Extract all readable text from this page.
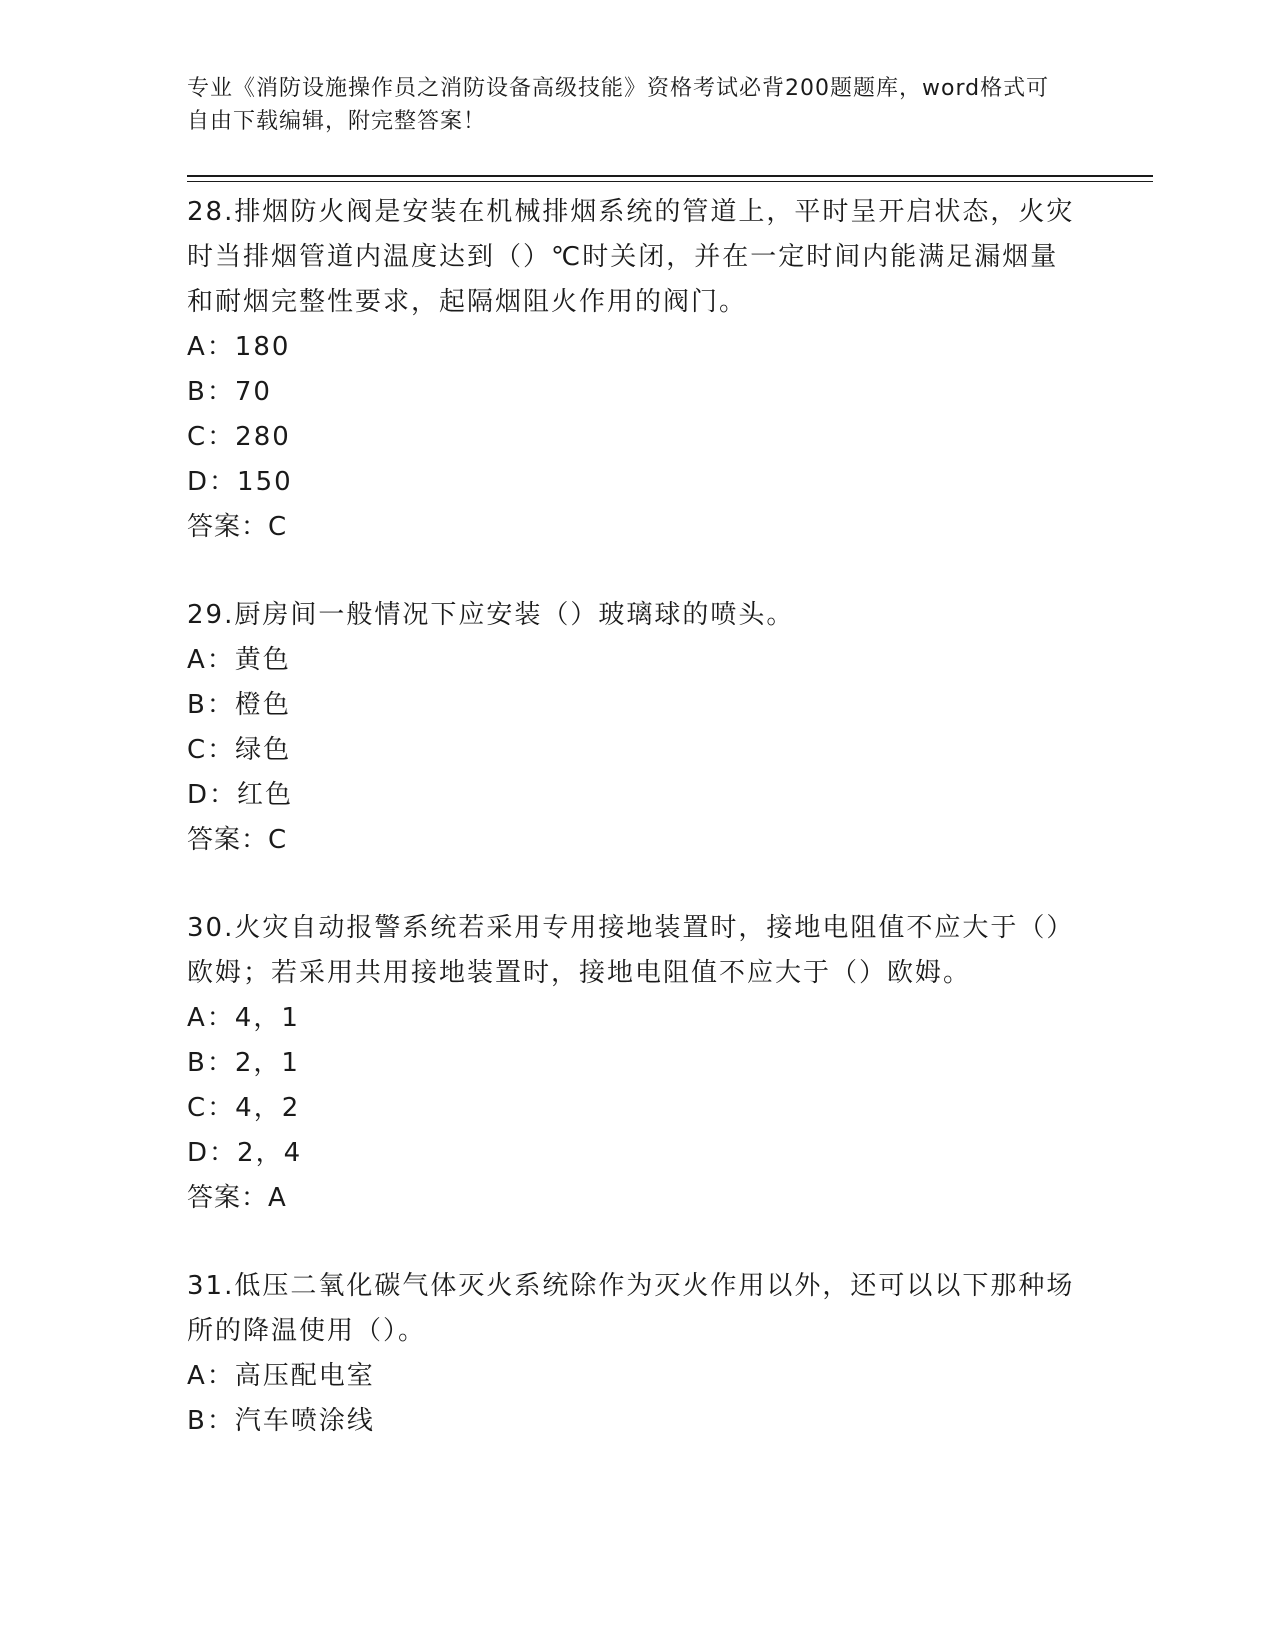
专业《消防设施操作员之消防设备高级技能》资格考试必背200题题库，word格式可自由下载编辑，附完整答案！

28.排烟防火阀是安装在机械排烟系统的管道上，平时呈开启状态，火灾时当排烟管道内温度达到（）℃时关闭，并在一定时间内能满足漏烟量和耐烟完整性要求，起隔烟阻火作用的阀门。

A：180

B：70

C：280

D：150

答案：C

29.厨房间一般情况下应安装（）玻璃球的喷头。

A：黄色

B：橙色

C：绿色

D：红色

答案：C

30.火灾自动报警系统若采用专用接地装置时，接地电阻值不应大于（）欧姆；若采用共用接地装置时，接地电阻值不应大于（）欧姆。

A：4，1

B：2，1

C：4，2

D：2，4

答案：A

31.低压二氧化碳气体灭火系统除作为灭火作用以外，还可以以下那种场所的降温使用（）。

A：高压配电室

B：汽车喷涂线
